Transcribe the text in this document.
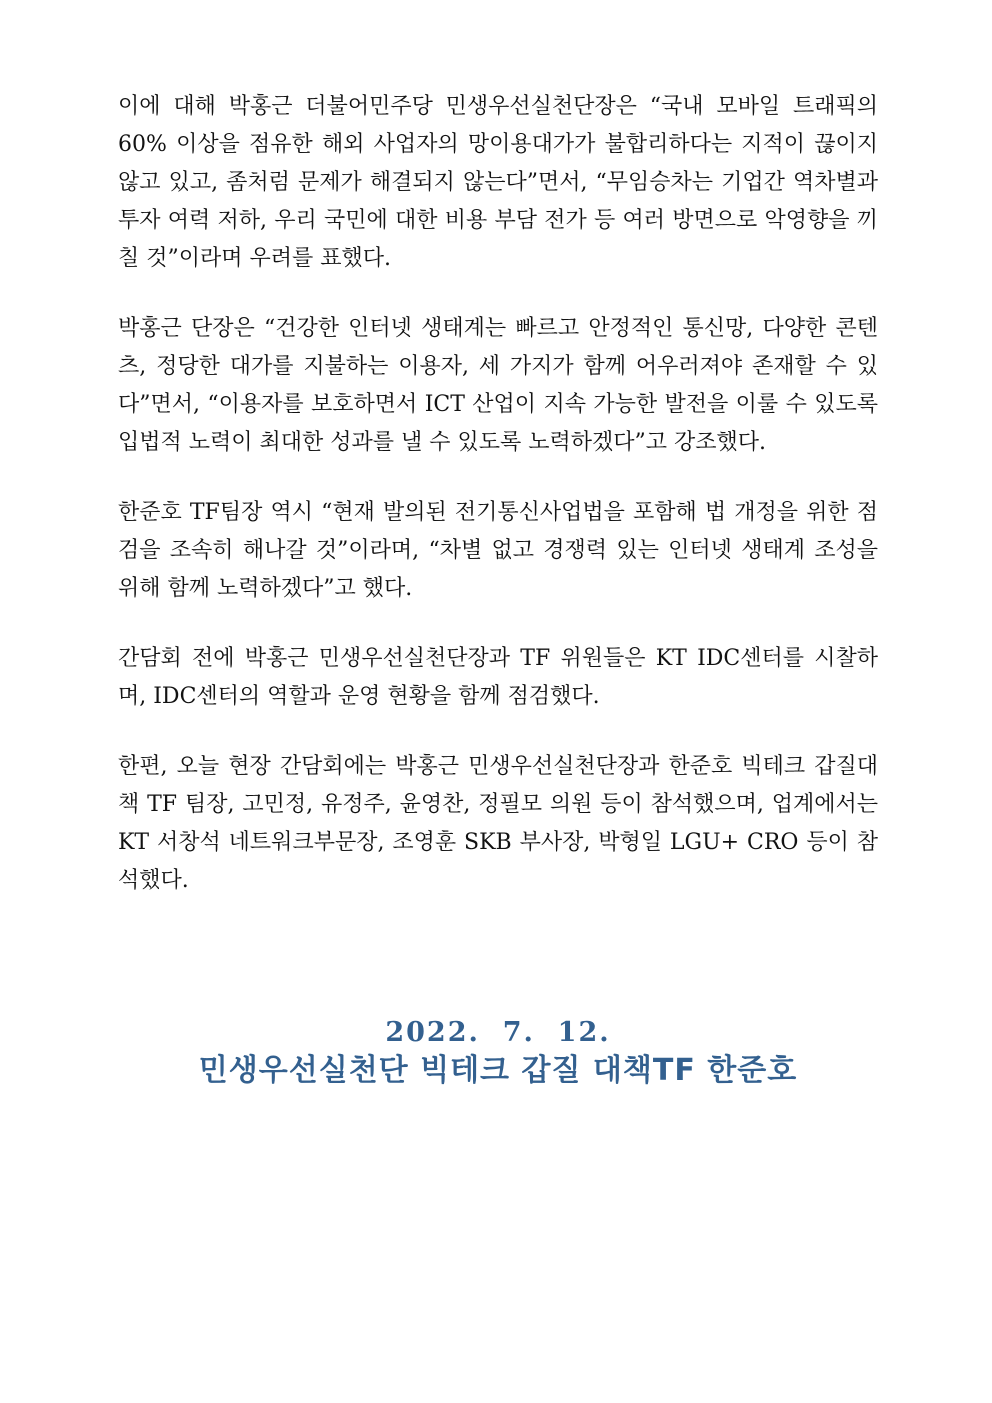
이에 대해 박홍근 더불어민주당 민생우선실천단장은 “국내 모바일 트래픽의 60% 이상을 점유한 해외 사업자의 망이용대가가 불합리하다는 지적이 끊이지 않고 있고, 좀처럼 문제가 해결되지 않는다”면서, “무임승차는 기업간 역차별과 투자 여력 저하, 우리 국민에 대한 비용 부담 전가 등 여러 방면으로 악영향을 끼칠 것”이라며 우려를 표했다.

박홍근 단장은 “건강한 인터넷 생태계는 빠르고 안정적인 통신망, 다양한 콘텐츠, 정당한 대가를 지불하는 이용자, 세 가지가 함께 어우러져야 존재할 수 있다”면서, “이용자를 보호하면서 ICT 산업이 지속 가능한 발전을 이룰 수 있도록 입법적 노력이 최대한 성과를 낼 수 있도록 노력하겠다”고 강조했다.

한준호 TF팀장 역시 “현재 발의된 전기통신사업법을 포함해 법 개정을 위한 점검을 조속히 해나갈 것”이라며, “차별 없고 경쟁력 있는 인터넷 생태계 조성을 위해 함께 노력하겠다”고 했다.

간담회 전에 박홍근 민생우선실천단장과 TF 위원들은 KT IDC센터를 시찰하며, IDC센터의 역할과 운영 현황을 함께 점검했다.

한편, 오늘 현장 간담회에는 박홍근 민생우선실천단장과 한준호 빅테크 갑질대책 TF 팀장, 고민정, 유정주, 윤영찬, 정필모 의원 등이 참석했으며, 업계에서는 KT 서창석 네트워크부문장, 조영훈 SKB 부사장, 박형일 LGU+ CRO 등이 참석했다.

2022.  7.  12.
민생우선실천단 빅테크 갑질 대책TF 한준호
